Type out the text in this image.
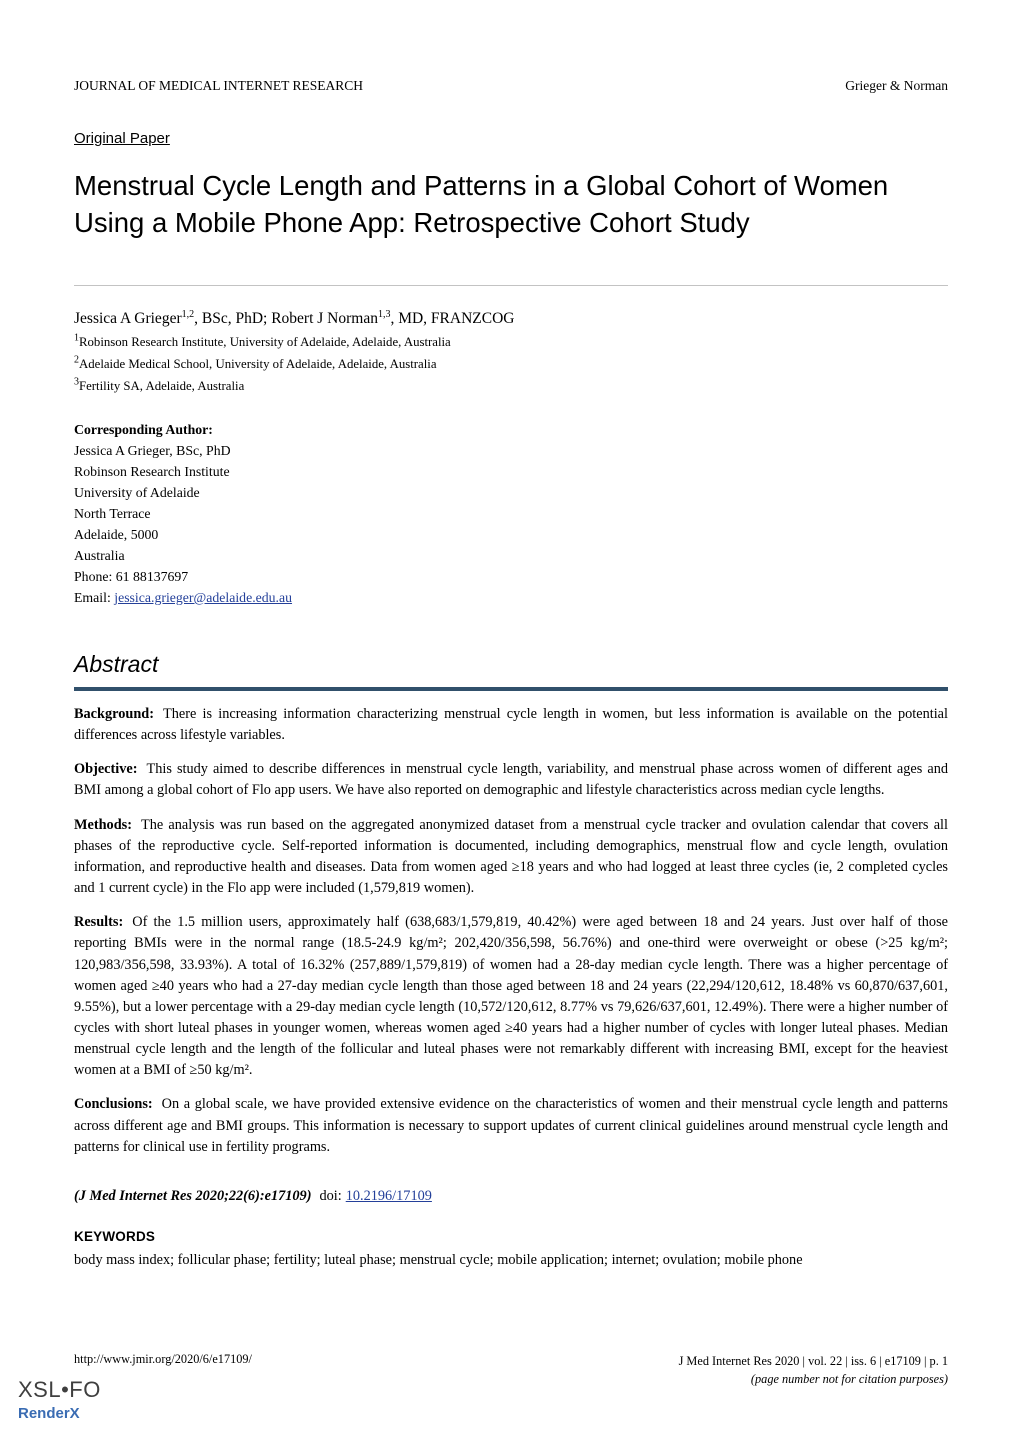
JOURNAL OF MEDICAL INTERNET RESEARCH	Grieger & Norman
Original Paper
Menstrual Cycle Length and Patterns in a Global Cohort of Women Using a Mobile Phone App: Retrospective Cohort Study

Jessica A Grieger$^{1,2}$, BSc, PhD; Robert J Norman$^{1,3}$, MD, FRANZCOG

$^1$Robinson Research Institute, University of Adelaide, Adelaide, Australia

$^2$Adelaide Medical School, University of Adelaide, Adelaide, Australia

$^3$Fertility SA, Adelaide, Australia

Corresponding Author:
Jessica A Grieger, BSc, PhD
Robinson Research Institute
University of Adelaide
North Terrace
Adelaide, 5000
Australia
Phone: 61 88137697
Email: jessica.grieger@adelaide.edu.au
Abstract

Background: There is increasing information characterizing menstrual cycle length in women, but less information is available on the potential differences across lifestyle variables.

Objective: This study aimed to describe differences in menstrual cycle length, variability, and menstrual phase across women of different ages and BMI among a global cohort of Flo app users. We have also reported on demographic and lifestyle characteristics across median cycle lengths.

Methods: The analysis was run based on the aggregated anonymized dataset from a menstrual cycle tracker and ovulation calendar that covers all phases of the reproductive cycle. Self-reported information is documented, including demographics, menstrual flow and cycle length, ovulation information, and reproductive health and diseases. Data from women aged ≥18 years and who had logged at least three cycles (ie, 2 completed cycles and 1 current cycle) in the Flo app were included (1,579,819 women).

Results: Of the 1.5 million users, approximately half (638,683/1,579,819, 40.42%) were aged between 18 and 24 years. Just over half of those reporting BMIs were in the normal range (18.5-24.9 kg/m²; 202,420/356,598, 56.76%) and one-third were overweight or obese (>25 kg/m²; 120,983/356,598, 33.93%). A total of 16.32% (257,889/1,579,819) of women had a 28-day median cycle length. There was a higher percentage of women aged ≥40 years who had a 27-day median cycle length than those aged between 18 and 24 years (22,294/120,612, 18.48% vs 60,870/637,601, 9.55%), but a lower percentage with a 29-day median cycle length (10,572/120,612, 8.77% vs 79,626/637,601, 12.49%). There were a higher number of cycles with short luteal phases in younger women, whereas women aged ≥40 years had a higher number of cycles with longer luteal phases. Median menstrual cycle length and the length of the follicular and luteal phases were not remarkably different with increasing BMI, except for the heaviest women at a BMI of ≥50 kg/m².

Conclusions: On a global scale, we have provided extensive evidence on the characteristics of women and their menstrual cycle length and patterns across different age and BMI groups. This information is necessary to support updates of current clinical guidelines around menstrual cycle length and patterns for clinical use in fertility programs.

(J Med Internet Res 2020;22(6):e17109) doi: 10.2196/17109
KEYWORDS
body mass index; follicular phase; fertility; luteal phase; menstrual cycle; mobile application; internet; ovulation; mobile phone
http://www.jmir.org/2020/6/e17109/	J Med Internet Res 2020 | vol. 22 | iss. 6 | e17109 | p. 1
(page number not for citation purposes)
XSL•FO
RenderX
